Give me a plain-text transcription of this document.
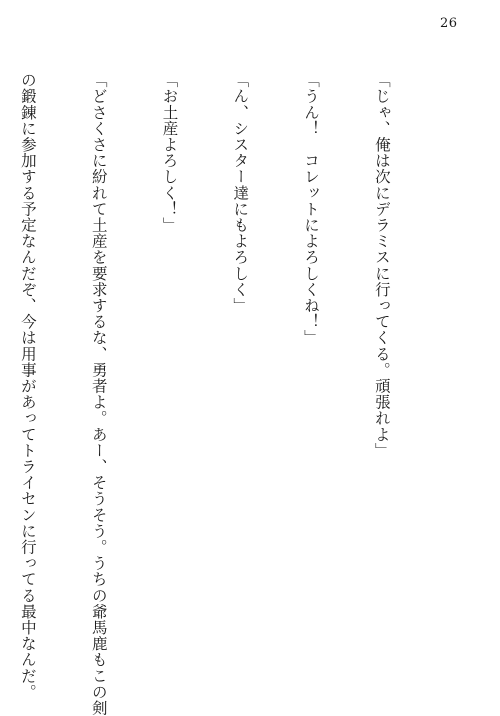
26

「じゃ、俺は次にデラミスに行ってくる。頑張れよ」

「うん！　コレットによろしくね！」

「ん、シスター達にもよろしく」

「お土産よろしく！」

「どさくさに紛れて土産を要求するな、勇者よ。あー、そうそう。うちの爺馬鹿もこの剣

の鍛錬に参加する予定なんだぞ、今は用事があってトライセンに行ってる最中なんだ。
